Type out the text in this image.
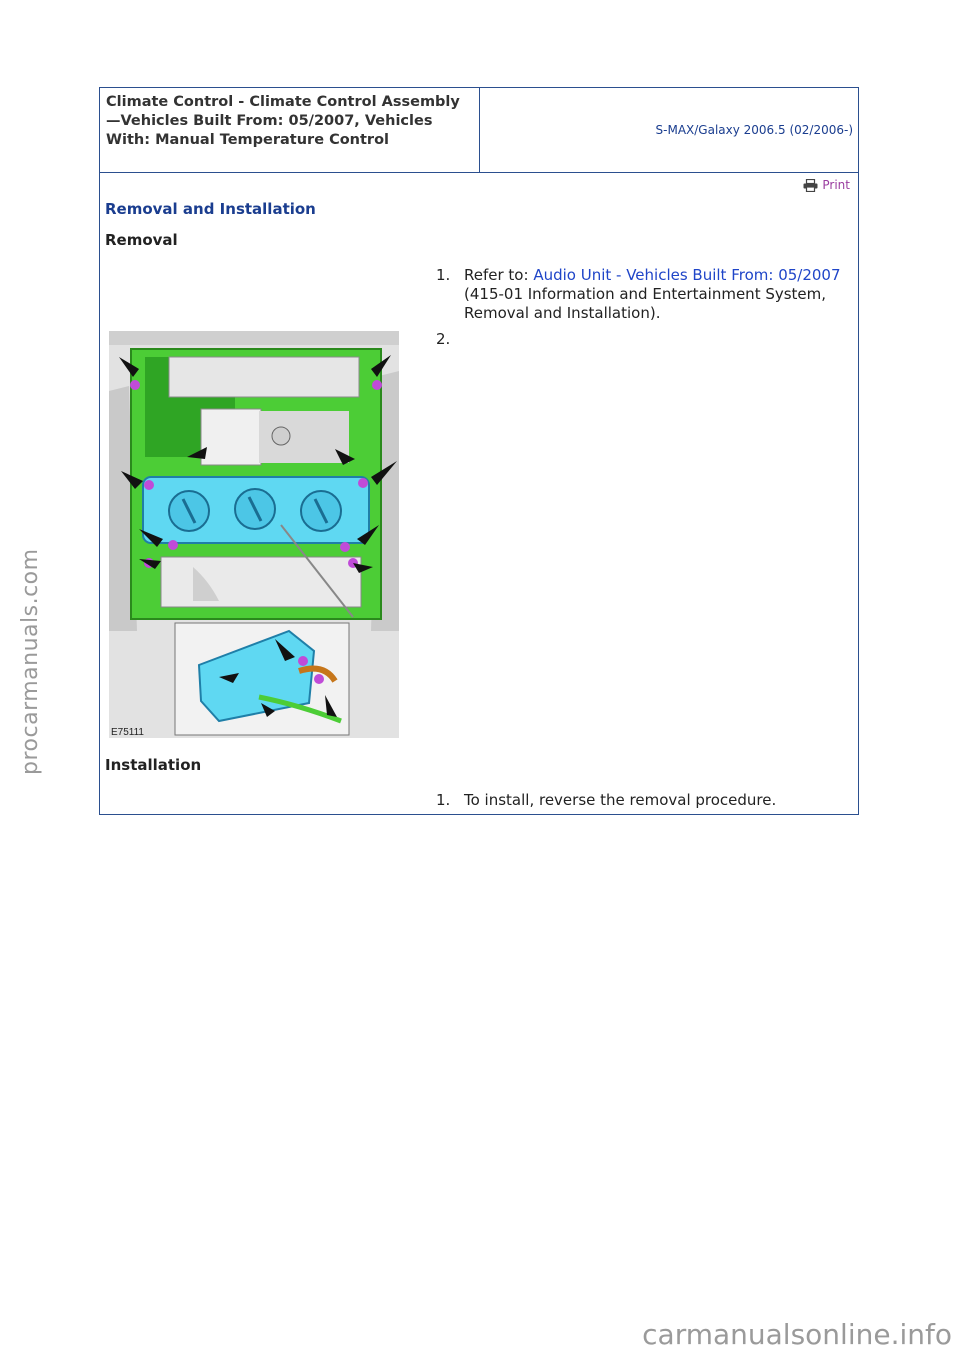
Climate Control - Climate Control Assembly—Vehicles Built From: 05/2007, Vehicles With: Manual Temperature Control
S-MAX/Galaxy 2006.5 (02/2006-)
Print
Removal and Installation
Removal
1. Refer to: Audio Unit - Vehicles Built From: 05/2007 (415-01 Information and Entertainment System, Removal and Installation).
2.
E75111
Installation
1. To install, reverse the removal procedure.
procarmanuals.com
carmanualsonline.info
